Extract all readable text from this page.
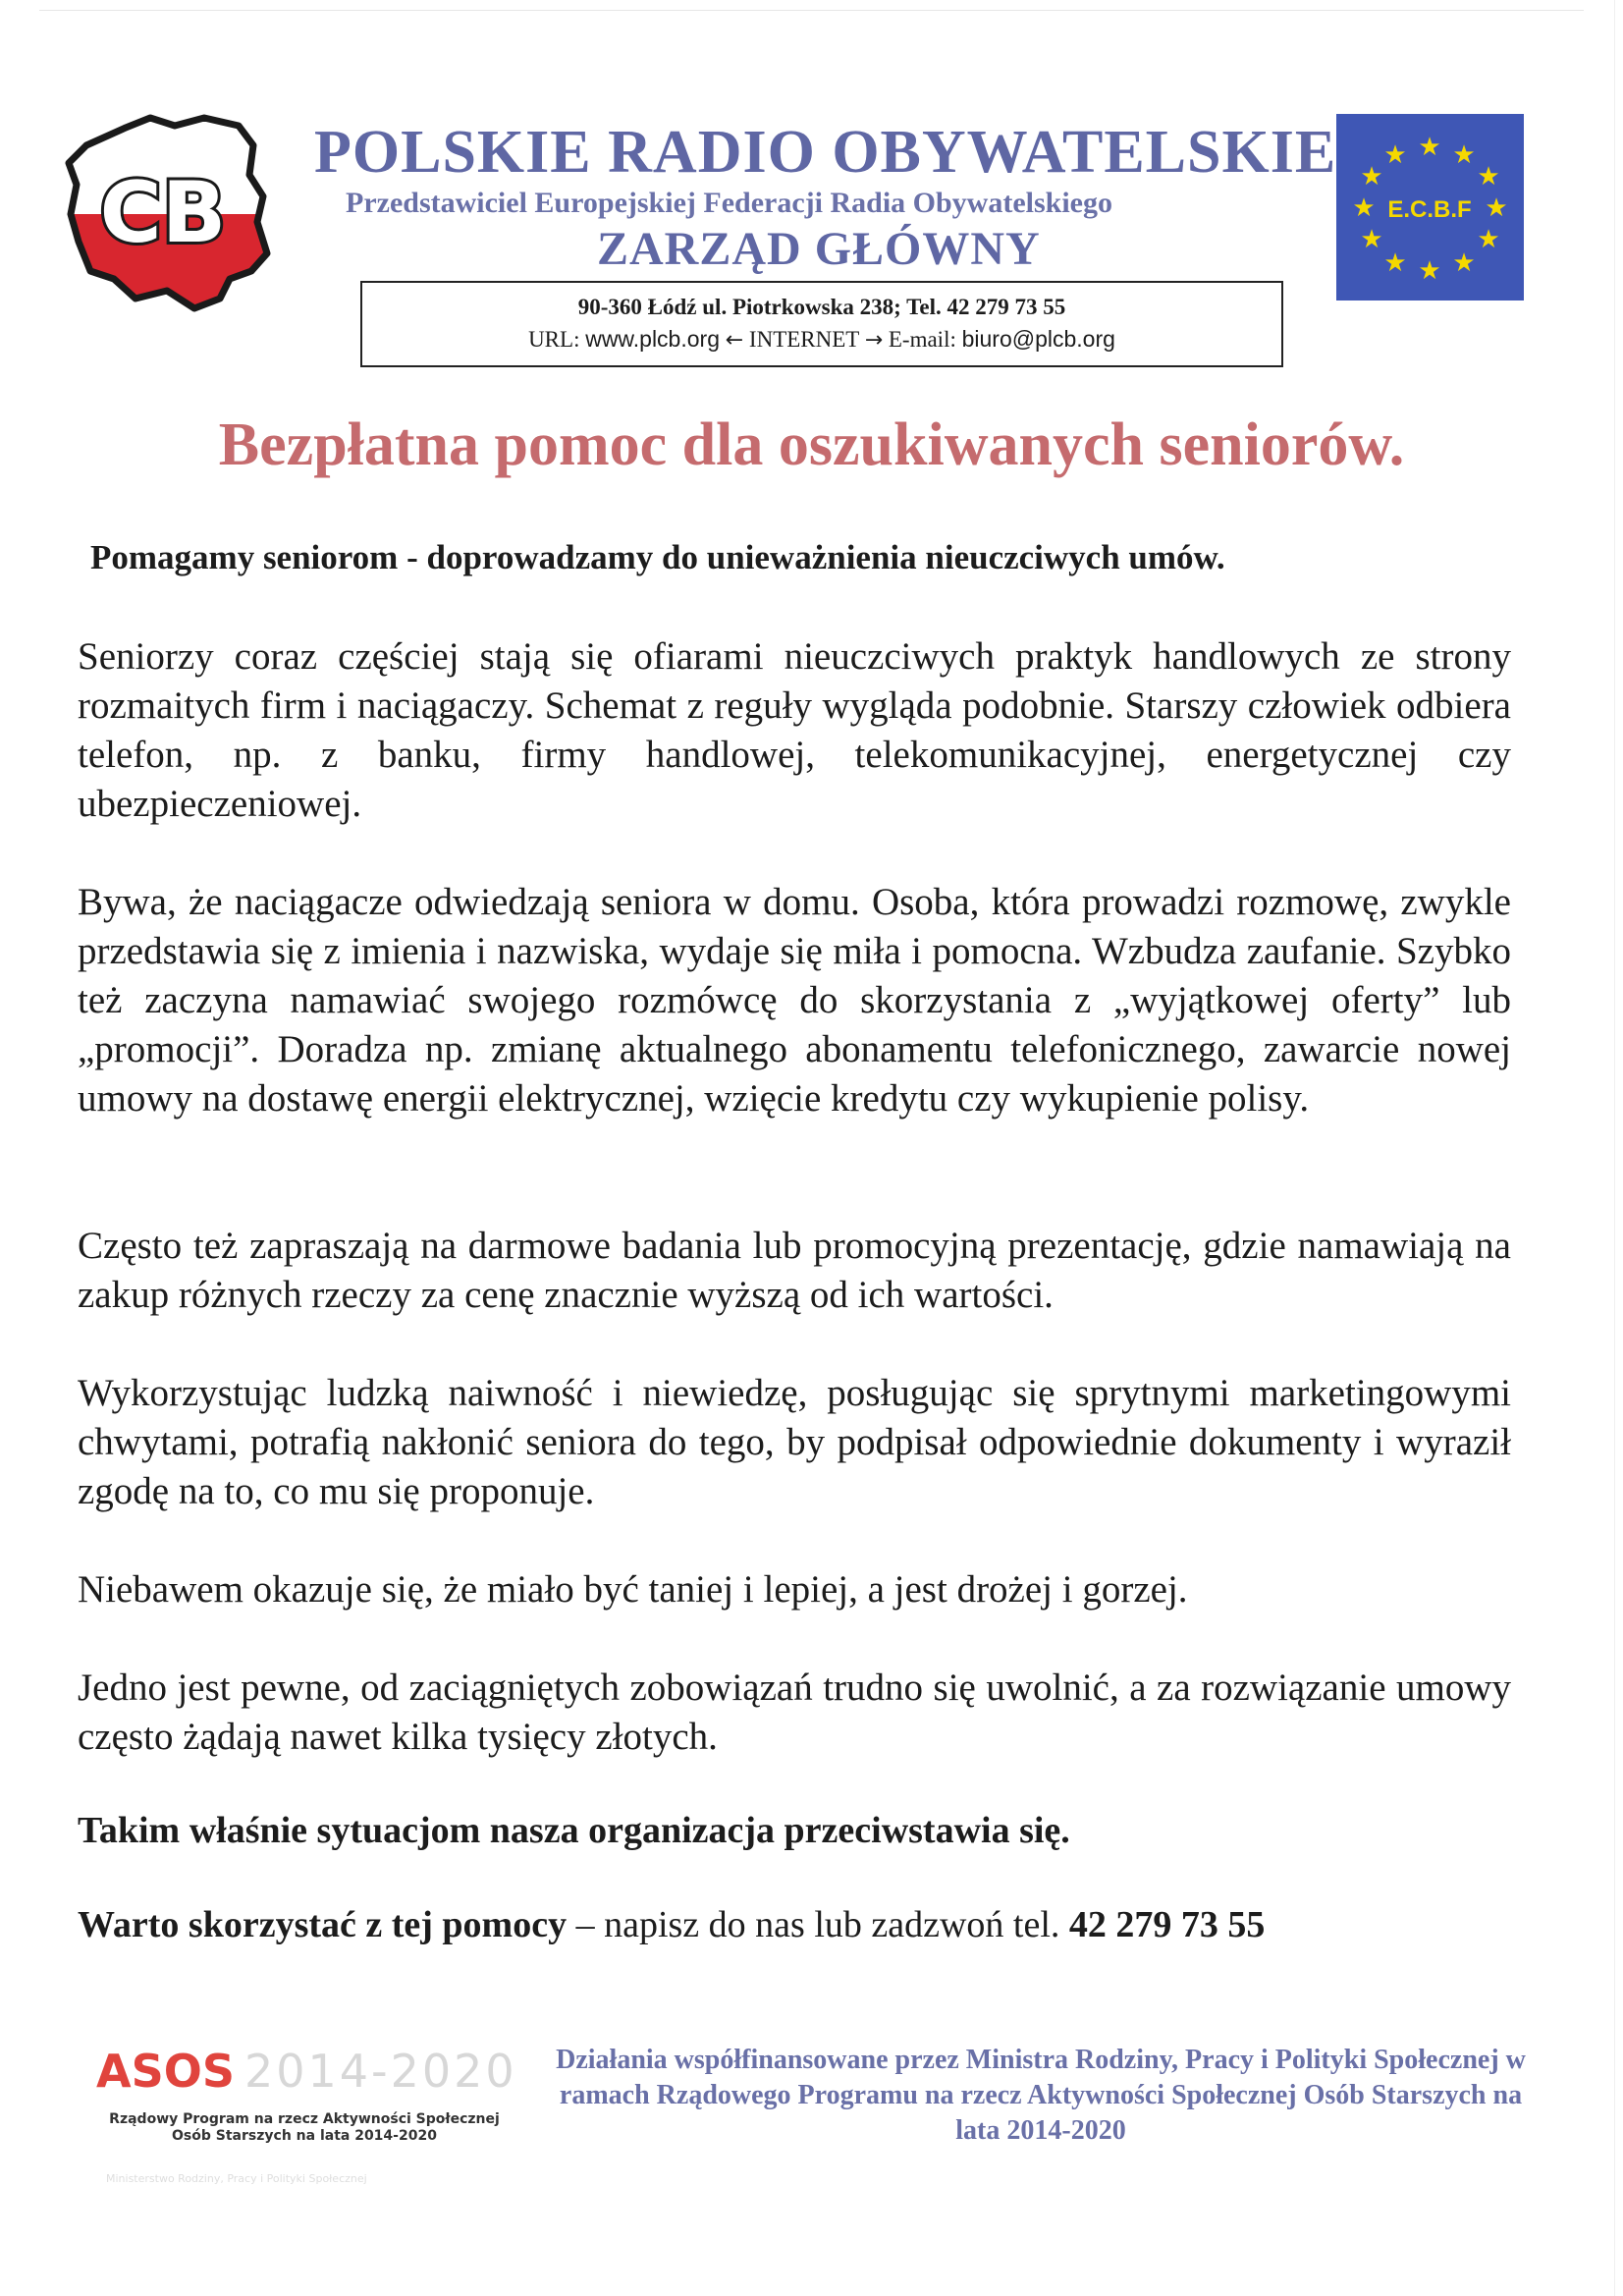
CB
POLSKIE RADIO OBYWATELSKIE
Przedstawiciel Europejskiej Federacji Radia Obywatelskiego
ZARZĄD GŁÓWNY
90-360 Łódź ul. Piotrkowska 238; Tel. 42 279 73 55
URL: www.plcb.org ← INTERNET → E-mail: biuro@plcb.org
★ ★
★
★
★
★
★
★
★
★
★
★
E.C.B.F
Bezpłatna pomoc dla oszukiwanych seniorów.
Pomagamy seniorom - doprowadzamy do unieważnienia nieuczciwych umów.
Seniorzy coraz częściej stają się ofiarami nieuczciwych praktyk handlowych ze strony rozmaitych firm i naciągaczy. Schemat z reguły wygląda podobnie. Starszy człowiek odbiera telefon, np. z banku, firmy handlowej, telekomunikacyjnej, energetycznej czy ubezpieczeniowej.
Bywa, że naciągacze odwiedzają seniora w domu. Osoba, która prowadzi rozmowę, zwykle przedstawia się z imienia i nazwiska, wydaje się miła i pomocna. Wzbudza zaufanie. Szybko też zaczyna namawiać swojego rozmówcę do skorzystania z „wyjątkowej oferty” lub „promocji”. Doradza np. zmianę aktualnego abonamentu telefonicznego, zawarcie nowej umowy na dostawę energii elektrycznej, wzięcie kredytu czy wykupienie polisy.
Często też zapraszają na darmowe badania lub promocyjną prezentację, gdzie namawiają na zakup różnych rzeczy za cenę znacznie wyższą od ich wartości.
Wykorzystując ludzką naiwność i niewiedzę, posługując się sprytnymi marketingowymi chwytami, potrafią nakłonić seniora do tego, by podpisał odpowiednie dokumenty i wyraził zgodę na to, co mu się proponuje.
Niebawem okazuje się, że miało być taniej i lepiej, a jest drożej i gorzej.
Jedno jest pewne, od zaciągniętych zobowiązań trudno się uwolnić, a za rozwiązanie umowy często żądają nawet kilka tysięcy złotych.
Takim właśnie sytuacjom nasza organizacja przeciwstawia się.
Warto skorzystać z tej pomocy – napisz do nas lub zadzwoń tel. 42 279 73 55
ASOS 2014-2020
Rządowy Program na rzecz Aktywności Społecznej Osób Starszych na lata 2014-2020
Ministerstwo Rodziny, Pracy i Polityki Społecznej
Działania współfinansowane przez Ministra Rodziny, Pracy i Polityki Społecznej w ramach Rządowego Programu na rzecz Aktywności Społecznej Osób Starszych na lata 2014-2020
